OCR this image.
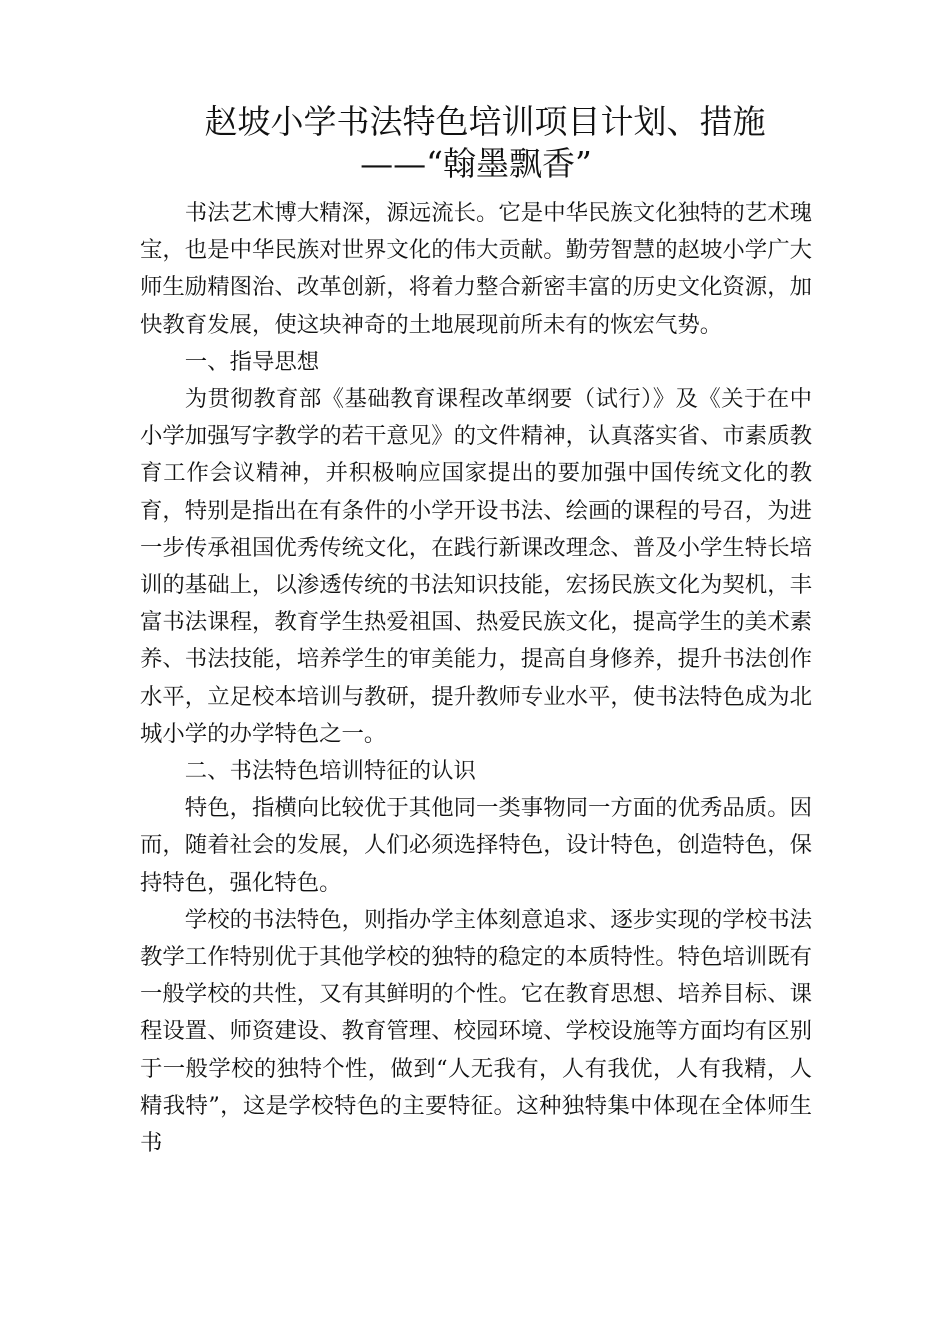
赵坡小学书法特色培训项目计划、措施
——“翰墨飘香”

书法艺术博大精深，源远流长。它是中华民族文化独特的艺术瑰宝，也是中华民族对世界文化的伟大贡献。勤劳智慧的赵坡小学广大师生励精图治、改革创新，将着力整合新密丰富的历史文化资源，加快教育发展，使这块神奇的土地展现前所未有的恢宏气势。

一、指导思想

为贯彻教育部《基础教育课程改革纲要（试行）》及《关于在中小学加强写字教学的若干意见》的文件精神，认真落实省、市素质教育工作会议精神，并积极响应国家提出的要加强中国传统文化的教育，特别是指出在有条件的小学开设书法、绘画的课程的号召，为进一步传承祖国优秀传统文化，在践行新课改理念、普及小学生特长培训的基础上，以渗透传统的书法知识技能，宏扬民族文化为契机，丰富书法课程，教育学生热爱祖国、热爱民族文化，提高学生的美术素养、书法技能，培养学生的审美能力，提高自身修养，提升书法创作水平，立足校本培训与教研，提升教师专业水平，使书法特色成为北城小学的办学特色之一。

二、书法特色培训特征的认识

特色，指横向比较优于其他同一类事物同一方面的优秀品质。因而，随着社会的发展，人们必须选择特色，设计特色，创造特色，保持特色，强化特色。

学校的书法特色，则指办学主体刻意追求、逐步实现的学校书法教学工作特别优于其他学校的独特的稳定的本质特性。特色培训既有一般学校的共性，又有其鲜明的个性。它在教育思想、培养目标、课程设置、师资建设、教育管理、校园环境、学校设施等方面均有区别于一般学校的独特个性，做到“人无我有，人有我优，人有我精，人精我特”，这是学校特色的主要特征。这种独特集中体现在全体师生书
